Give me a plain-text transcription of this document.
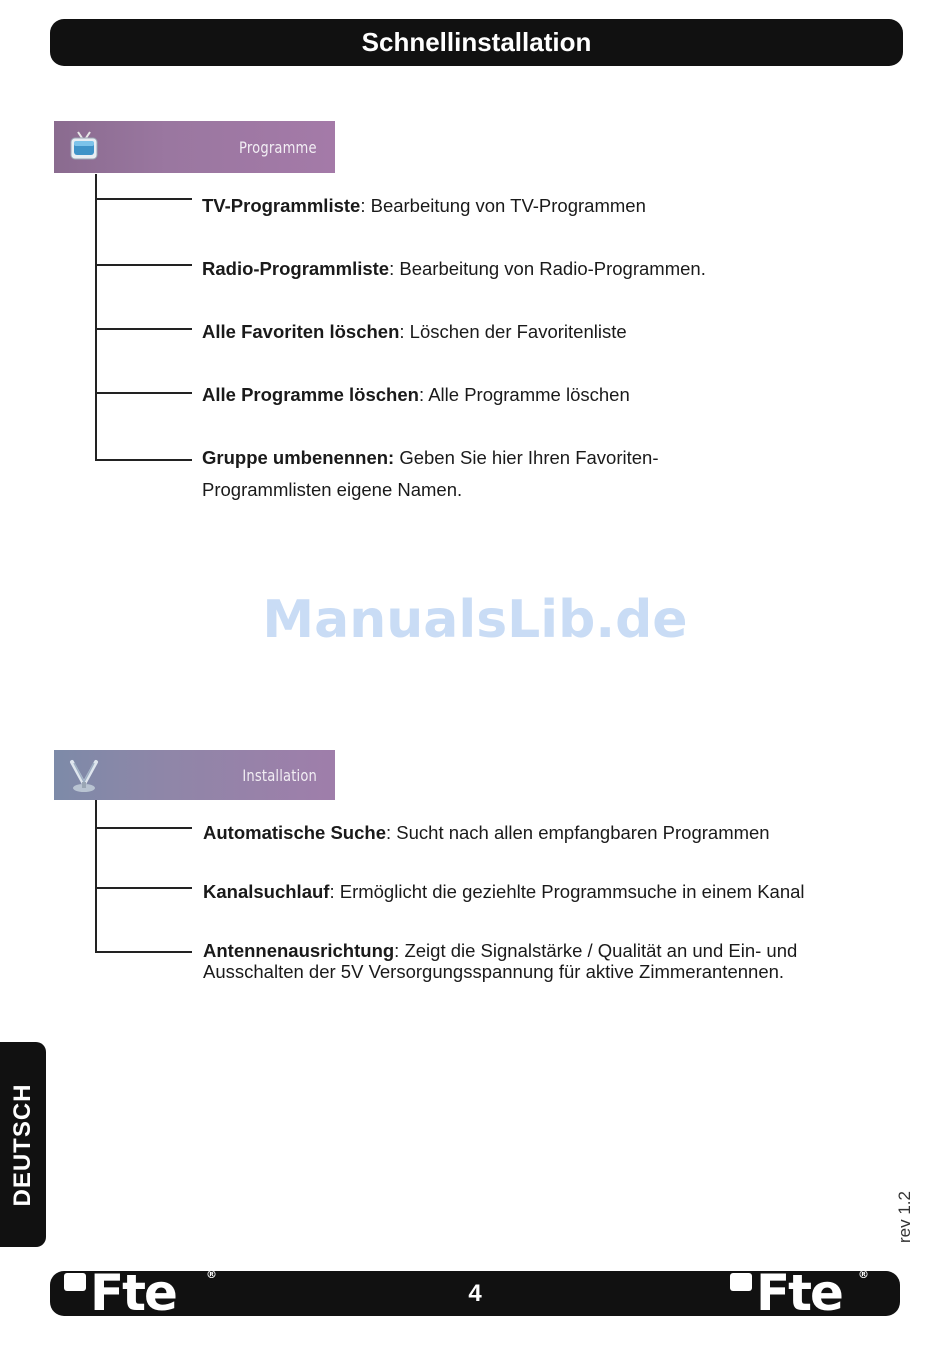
Schnellinstallation
Programme
TV-Programmliste: Bearbeitung von TV-Programmen
Radio-Programmliste: Bearbeitung von Radio-Programmen.
Alle Favoriten löschen: Löschen der Favoritenliste
Alle Programme löschen: Alle Programme löschen
Gruppe umbenennen: Geben Sie hier Ihren Favoriten-
Programmlisten eigene Namen.
ManualsLib.de
Installation
Automatische Suche: Sucht nach allen empfangbaren Programmen
Kanalsuchlauf: Ermöglicht die geziehlte Programmsuche in einem Kanal
Antennenausrichtung: Zeigt die Signalstärke / Qualität an und Ein- und
Ausschalten der 5V Versorgungsspannung für aktive Zimmerantennen.
DEUTSCH
rev 1.2
Fte	®
4	Fte ®
